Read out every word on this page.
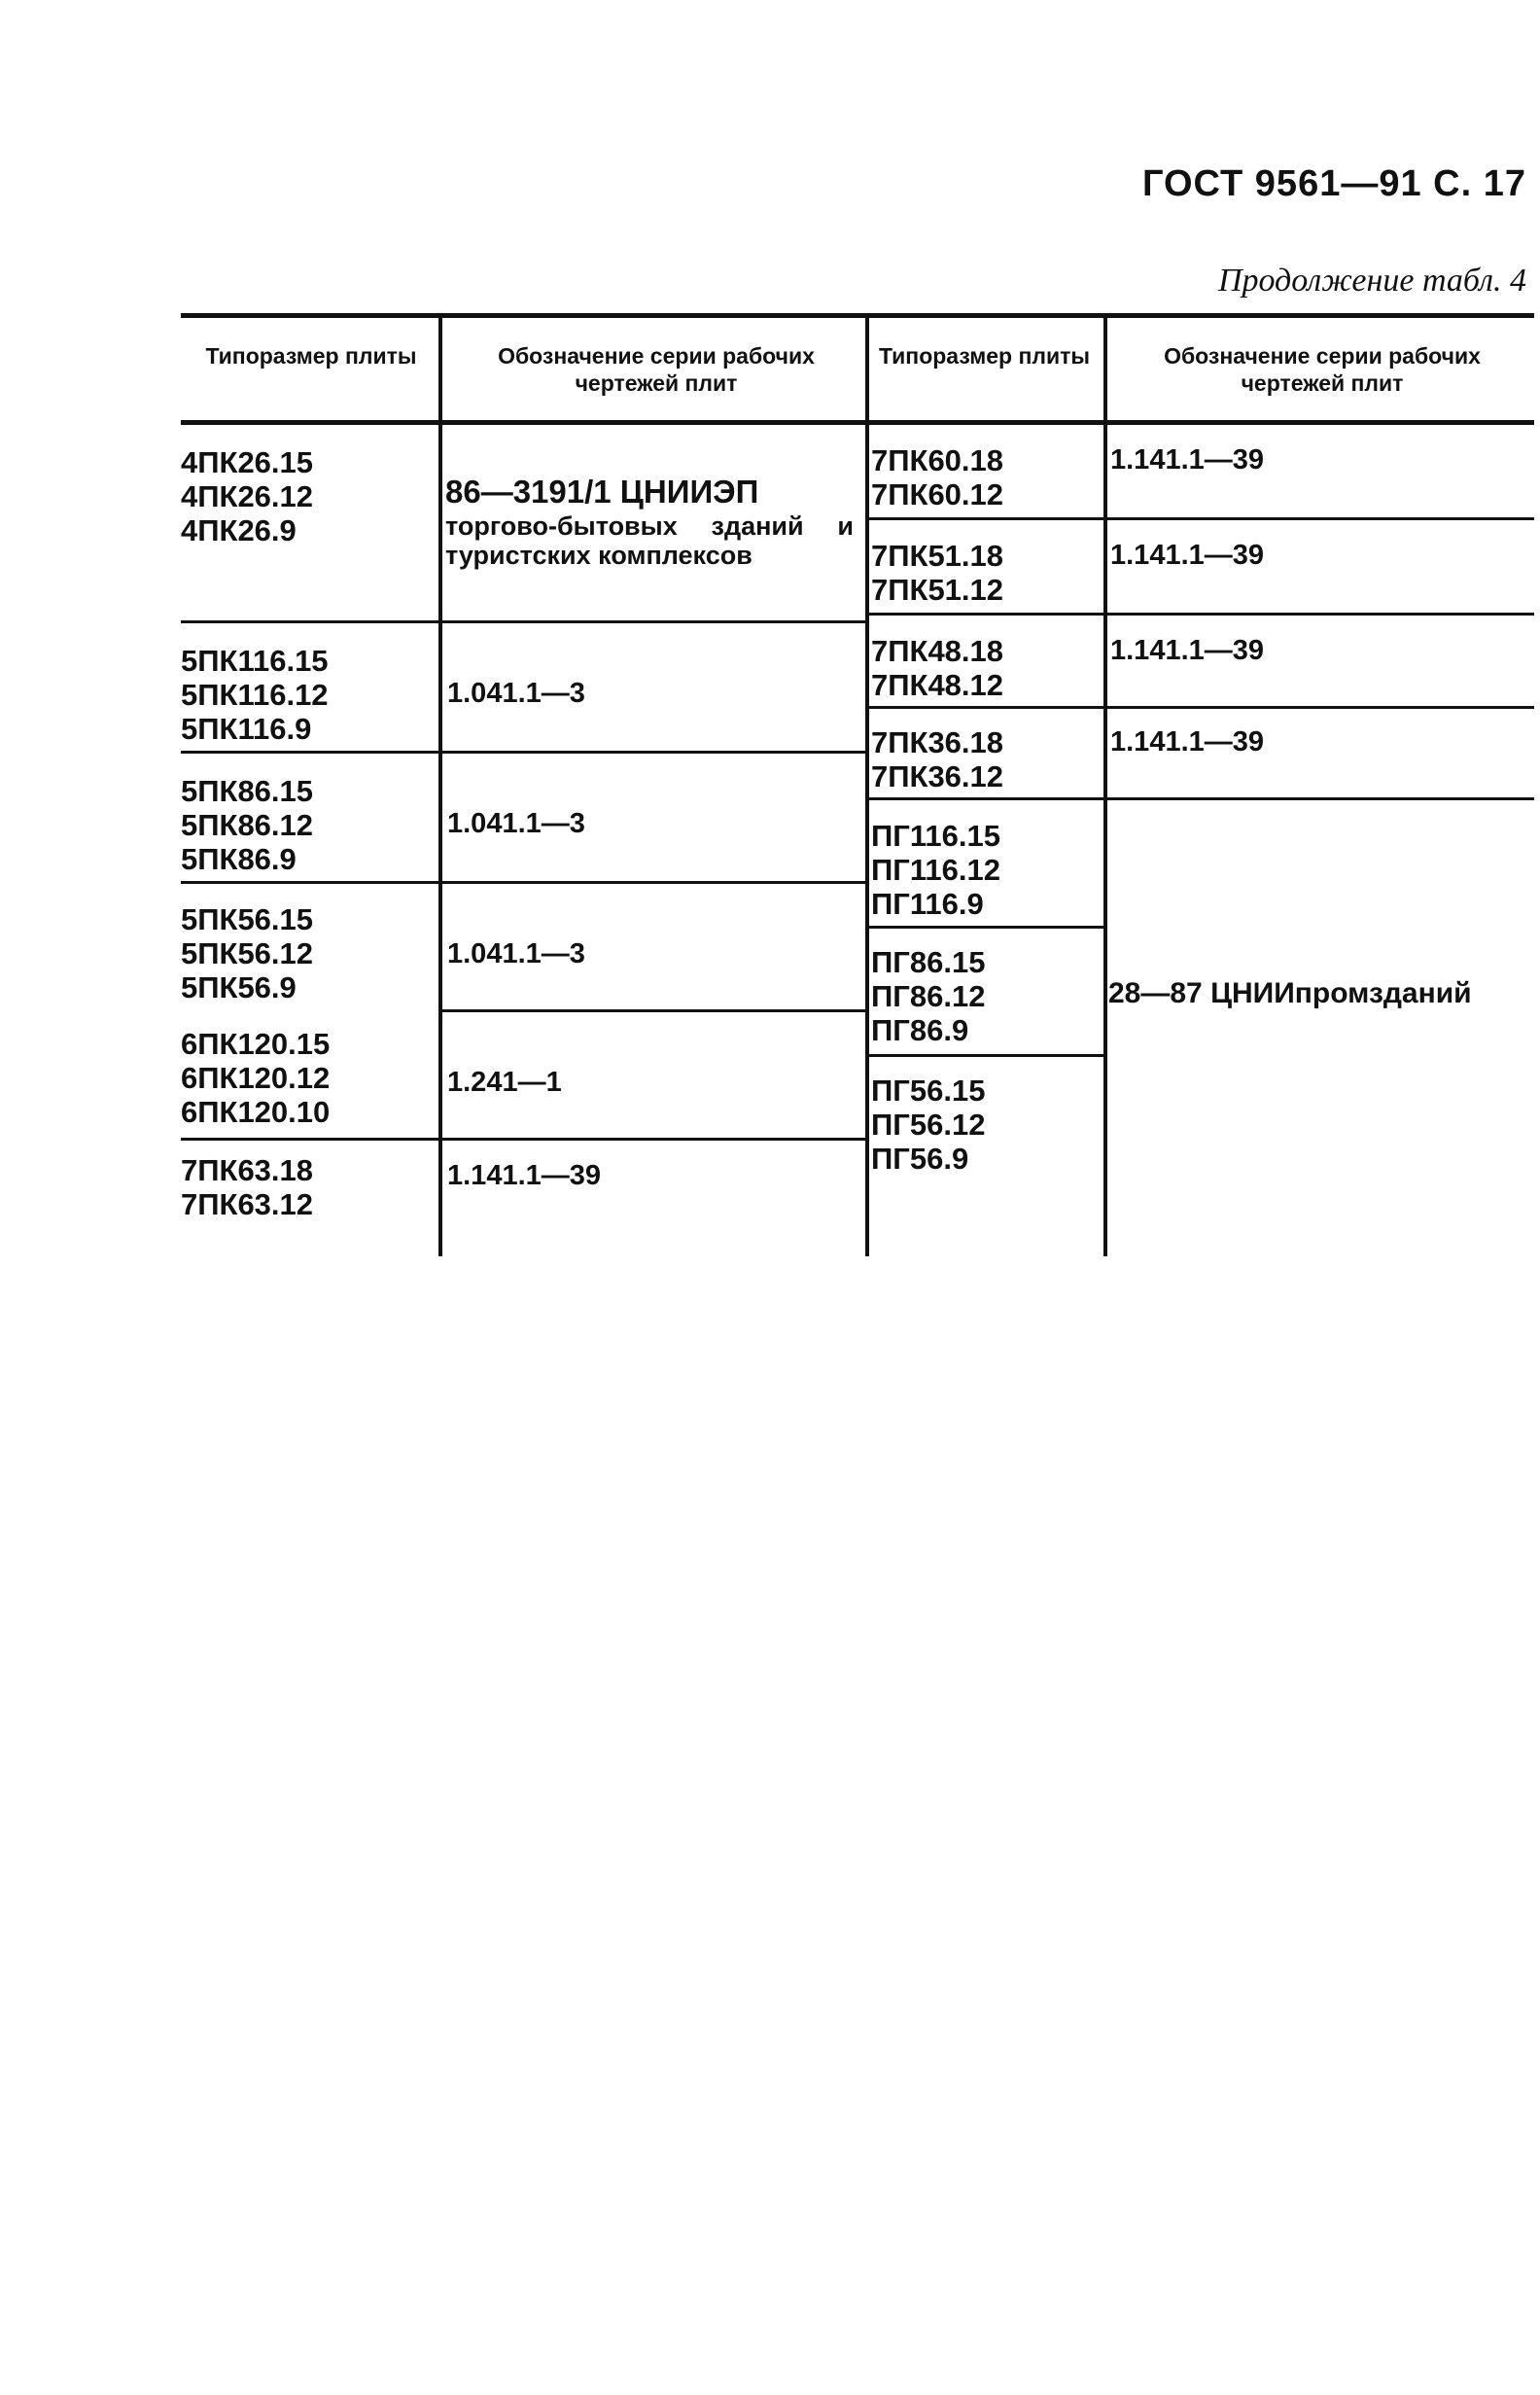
ГОСТ 9561—91 С. 17
Продолжение табл. 4
Типоразмер плиты	Обозначение серии рабочих чертежей плит
Типоразмер плиты	Обозначение серии рабочих чертежей плит
4ПК26.15
4ПК26.12
4ПК26.9
86—3191/1 ЦНИИЭП
торгово-бытовых зданий и туристских комплексов
5ПК116.15
5ПК116.12
5ПК116.9
1.041.1—3
5ПК86.15
5ПК86.12
5ПК86.9
1.041.1—3
5ПК56.15
5ПК56.12
5ПК56.9
1.041.1—3
6ПК120.15
6ПК120.12
6ПК120.10
1.241—1
7ПК63.18
7ПК63.12
1.141.1—39
7ПК60.18
7ПК60.12
1.141.1—39
7ПК51.18
7ПК51.12
1.141.1—39
7ПК48.18
7ПК48.12
1.141.1—39
7ПК36.18
7ПК36.12
1.141.1—39
ПГ116.15
ПГ116.12
ПГ116.9
ПГ86.15
ПГ86.12
ПГ86.9
ПГ56.15
ПГ56.12
ПГ56.9
28—87 ЦНИИпромзданий
